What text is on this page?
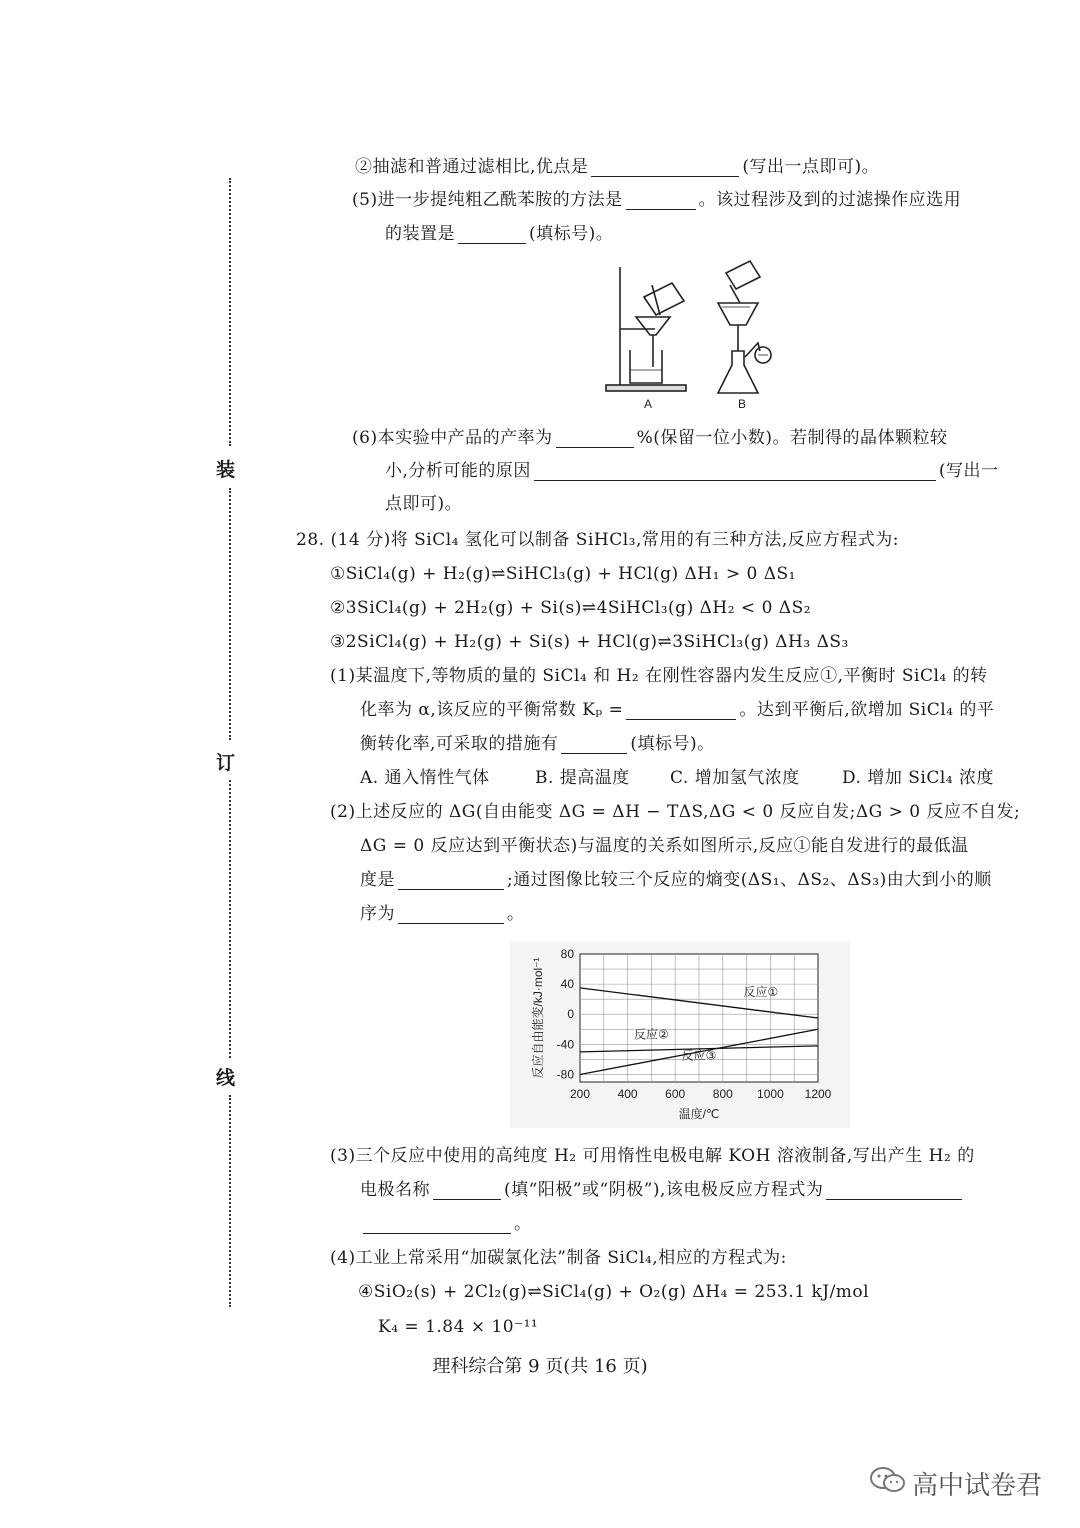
装
订
线
②抽滤和普通过滤相比,优点是	(写出一点即可)。
(5)进一步提纯粗乙酰苯胺的方法是	。该过程涉及到的过滤操作应选用
的装置是	(填标号)。
A	B
(6)本实验中产品的产率为	%(保留一位小数)。若制得的晶体颗粒较
小,分析可能的原因	(写出一
点即可)。
28. (14 分)将 SiCl₄ 氢化可以制备 SiHCl₃,常用的有三种方法,反应方程式为:
①SiCl₄(g) + H₂(g)⇌SiHCl₃(g) + HCl(g) ΔH₁ > 0 ΔS₁
②3SiCl₄(g) + 2H₂(g) + Si(s)⇌4SiHCl₃(g) ΔH₂ < 0 ΔS₂
③2SiCl₄(g) + H₂(g) + Si(s) + HCl(g)⇌3SiHCl₃(g) ΔH₃ ΔS₃
(1)某温度下,等物质的量的 SiCl₄ 和 H₂ 在刚性容器内发生反应①,平衡时 SiCl₄ 的转
化率为 α,该反应的平衡常数 Kₚ =	。达到平衡后,欲增加 SiCl₄ 的平
衡转化率,可采取的措施有	(填标号)。
A. 通入惰性气体	B. 提高温度 C. 增加氢气浓度 D. 增加 SiCl₄ 浓度
(2)上述反应的 ΔG(自由能变 ΔG = ΔH − TΔS,ΔG < 0 反应自发;ΔG > 0 反应不自发;
ΔG = 0 反应达到平衡状态)与温度的关系如图所示,反应①能自发进行的最低温
度是	;通过图像比较三个反应的熵变(ΔS₁、ΔS₂、ΔS₃)由大到小的顺
序为	。
200 400 600 800 1000 1200
80
40
0
-40
-80
反应①
反应②
反应③
温度/℃
反应自由能变/kJ·mol⁻¹
(3)三个反应中使用的高纯度 H₂ 可用惰性电极电解 KOH 溶液制备,写出产生 H₂ 的
电极名称	(填“阳极”或“阴极”),该电极反应方程式为
。
(4)工业上常采用“加碳氯化法”制备 SiCl₄,相应的方程式为:
④SiO₂(s) + 2Cl₂(g)⇌SiCl₄(g) + O₂(g) ΔH₄ = 253.1 kJ/mol
K₄ = 1.84 × 10⁻¹¹
理科综合第 9 页(共 16 页)
高中试卷君
